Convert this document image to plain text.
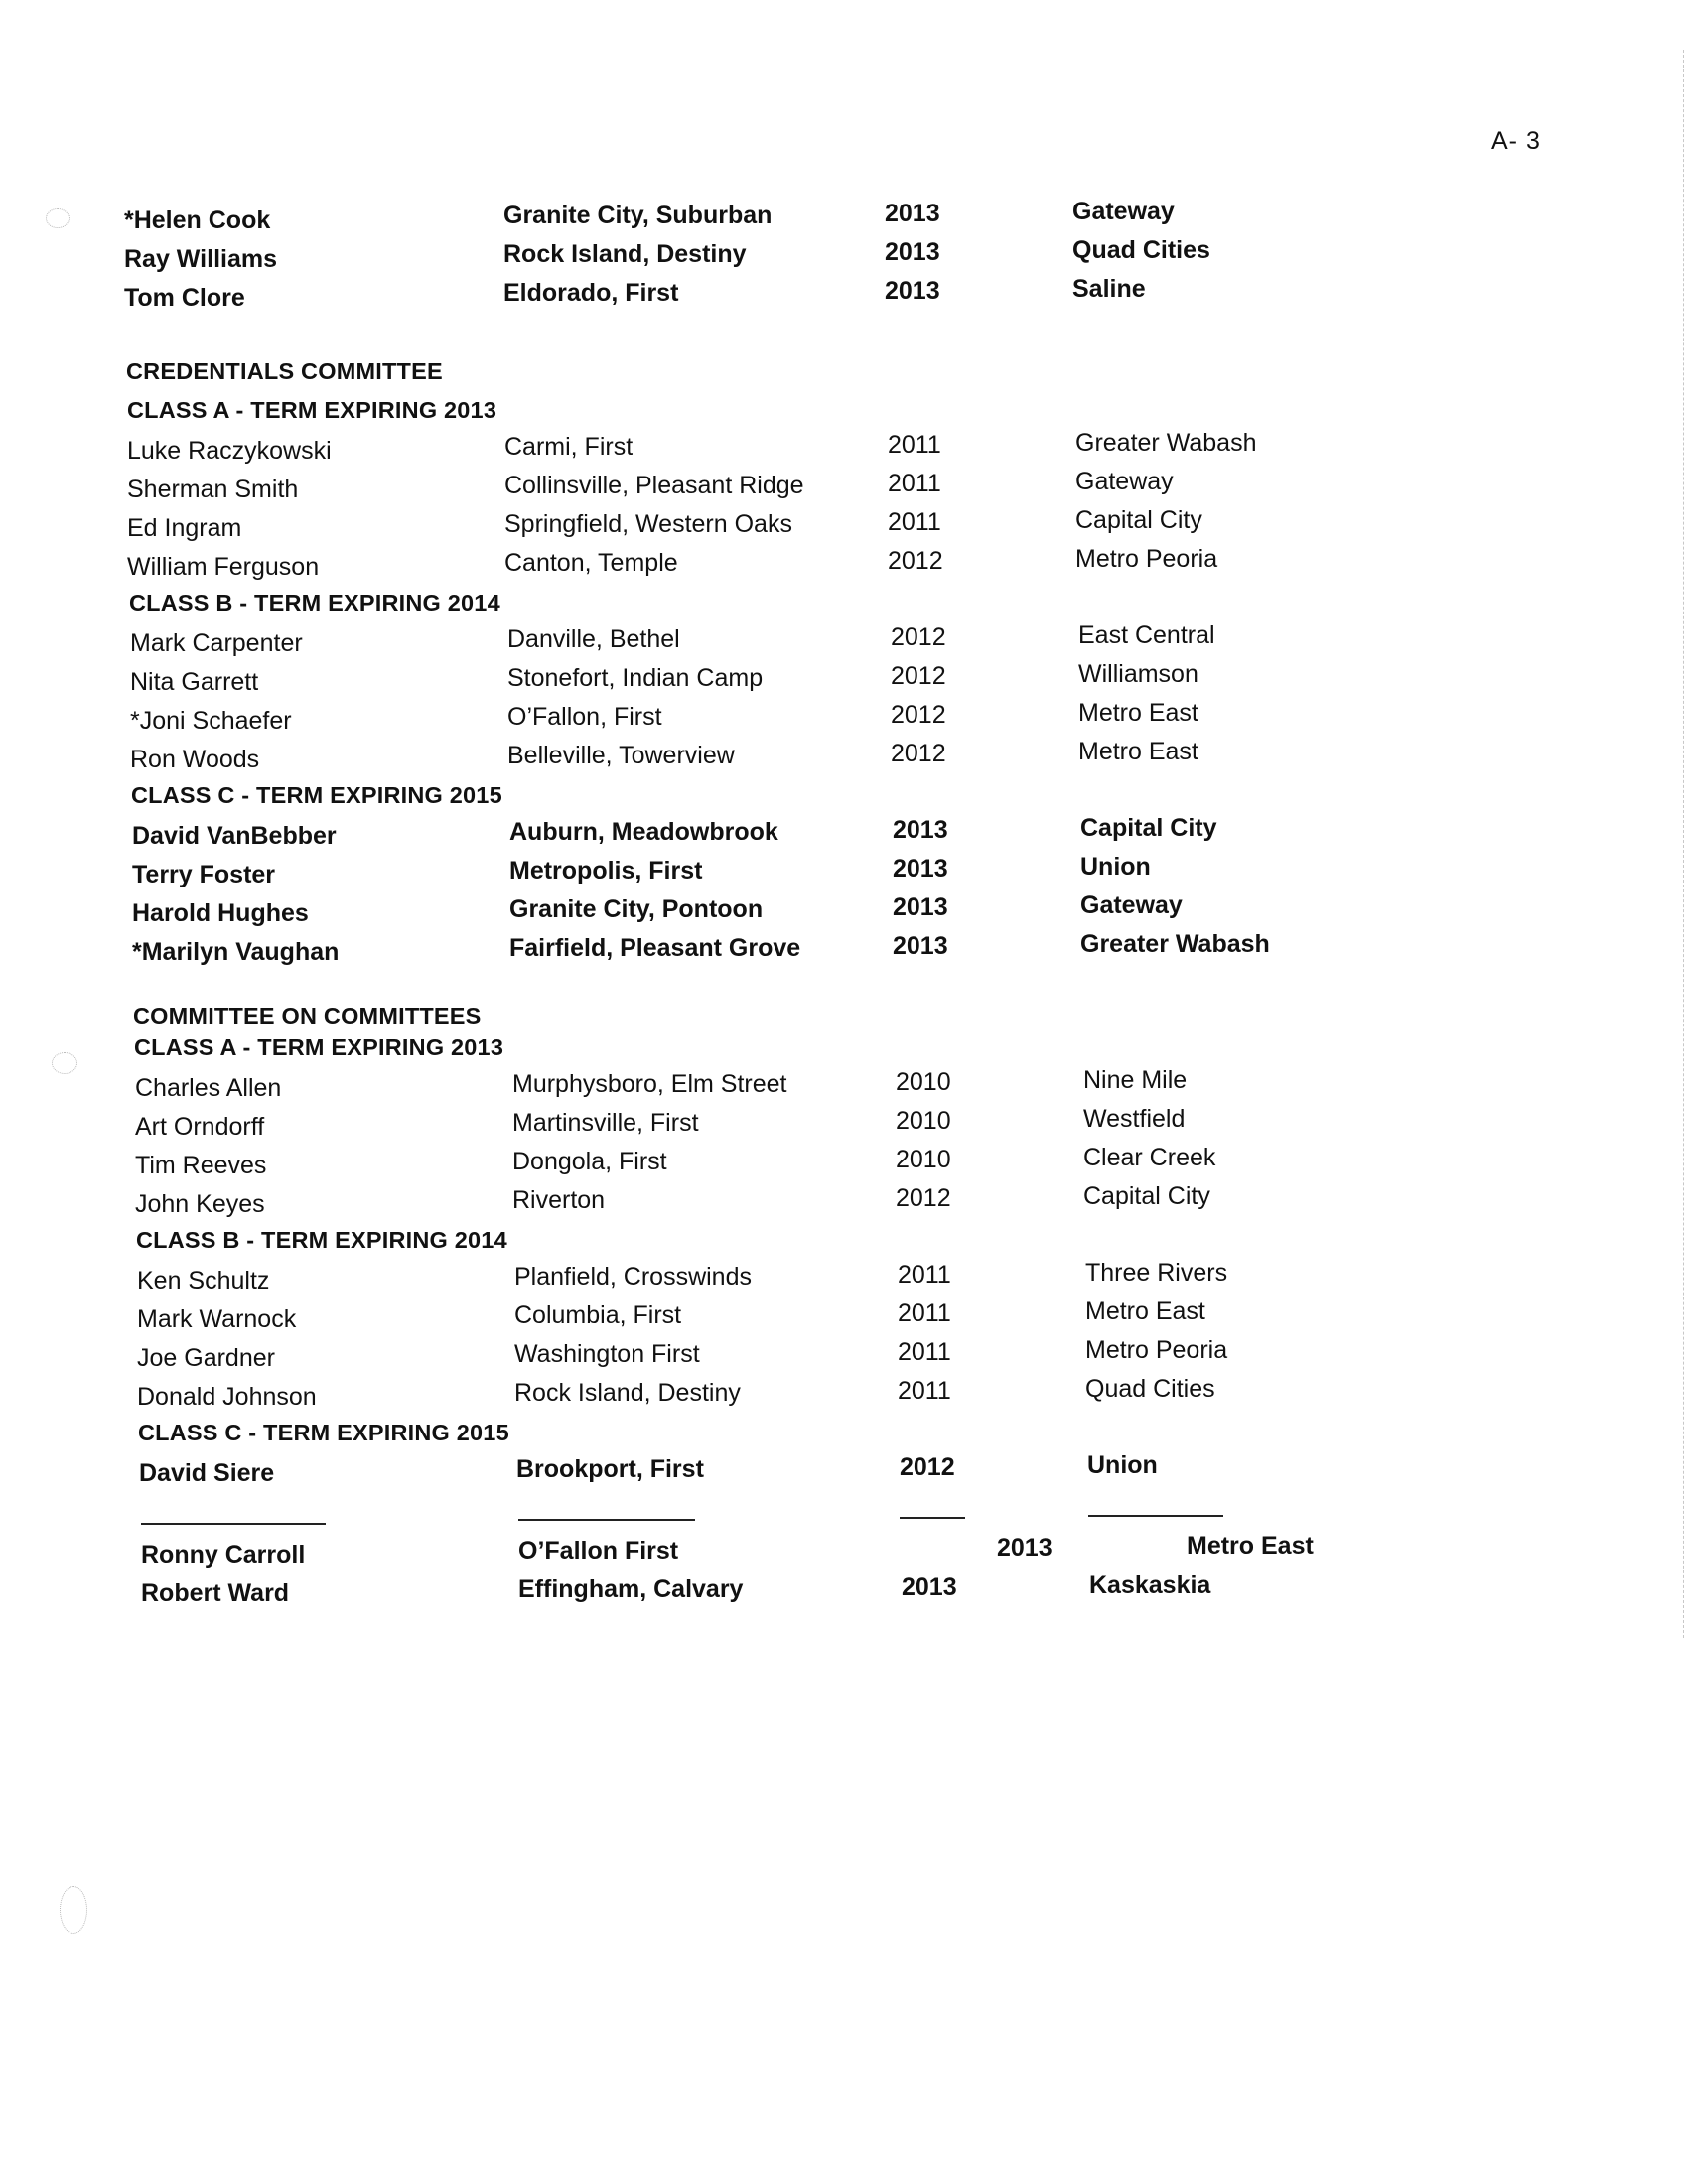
A- 3
*Helen Cook	Granite City, Suburban	2013	Gateway
Ray Williams	Rock Island, Destiny	2013	Quad Cities
Tom Clore	Eldorado, First	2013	Saline
CREDENTIALS COMMITTEE
CLASS A - TERM EXPIRING 2013
Luke Raczykowski	Carmi, First	2011	Greater Wabash
Sherman Smith	Collinsville, Pleasant Ridge	2011	Gateway
Ed Ingram	Springfield, Western Oaks	2011	Capital City
William Ferguson	Canton, Temple	2012	Metro Peoria
CLASS B - TERM EXPIRING 2014
Mark Carpenter	Danville, Bethel	2012	East Central
Nita Garrett	Stonefort, Indian Camp	2012	Williamson
*Joni Schaefer	O’Fallon, First	2012	Metro East
Ron Woods	Belleville, Towerview	2012	Metro East
CLASS C - TERM EXPIRING 2015
David VanBebber	Auburn, Meadowbrook	2013	Capital City
Terry Foster	Metropolis, First	2013	Union
Harold Hughes	Granite City, Pontoon	2013	Gateway
*Marilyn Vaughan	Fairfield, Pleasant Grove	2013	Greater Wabash
COMMITTEE ON COMMITTEES
CLASS A - TERM EXPIRING 2013
Charles Allen	Murphysboro, Elm Street	2010	Nine Mile
Art Orndorff	Martinsville, First	2010	Westfield
Tim Reeves	Dongola, First	2010	Clear Creek
John Keyes	Riverton	2012	Capital City
CLASS B - TERM EXPIRING 2014
Ken Schultz	Planfield, Crosswinds	2011	Three Rivers
Mark Warnock	Columbia, First	2011	Metro East
Joe Gardner	Washington First	2011	Metro Peoria
Donald Johnson	Rock Island, Destiny	2011	Quad Cities
CLASS C - TERM EXPIRING 2015
David Siere	Brookport, First	2012	Union
Ronny Carroll	O’Fallon First	2013	Metro East
Robert Ward	Effingham, Calvary	2013	Kaskaskia
